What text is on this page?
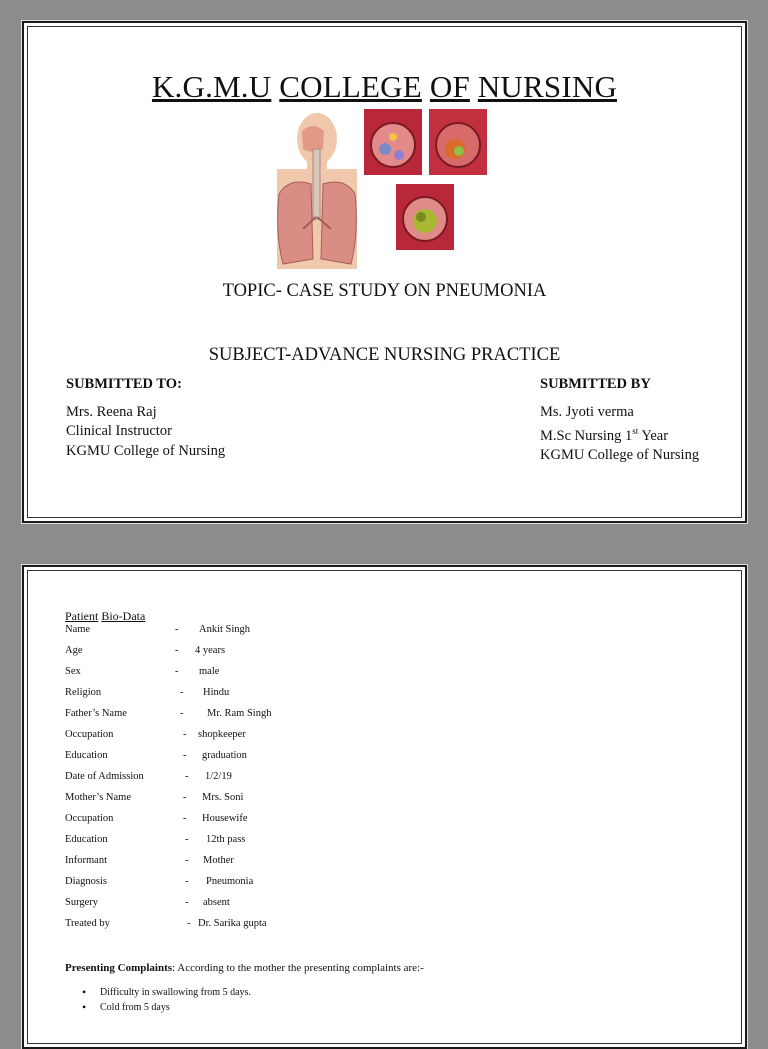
K.G.M.U COLLEGE OF NURSING
TOPIC- CASE STUDY ON PNEUMONIA
SUBJECT-ADVANCE NURSING PRACTICE
SUBMITTED TO:
Mrs. Reena Raj
Clinical Instructor
KGMU College of Nursing
SUBMITTED BY
Ms. Jyoti verma
M.Sc Nursing 1st Year
KGMU College of Nursing
Patient Bio-Data
Name	- Ankit Singh
Age	- 4 years
Sex	- male
Religion	- Hindu
Father’s Name	- Mr. Ram Singh
Occupation	- shopkeeper
Education	- graduation
Date of Admission	- 1/2/19
Mother’s Name	- Mrs. Soni
Occupation	- Housewife
Education	- 12th pass
Informant	- Mother
Diagnosis	- Pneumonia
Surgery	- absent
Treated by	- Dr. Sarika gupta
Presenting Complaints: According to the mother the presenting complaints are:-
• Difficulty in swallowing from 5 days.
• Cold from 5 days
